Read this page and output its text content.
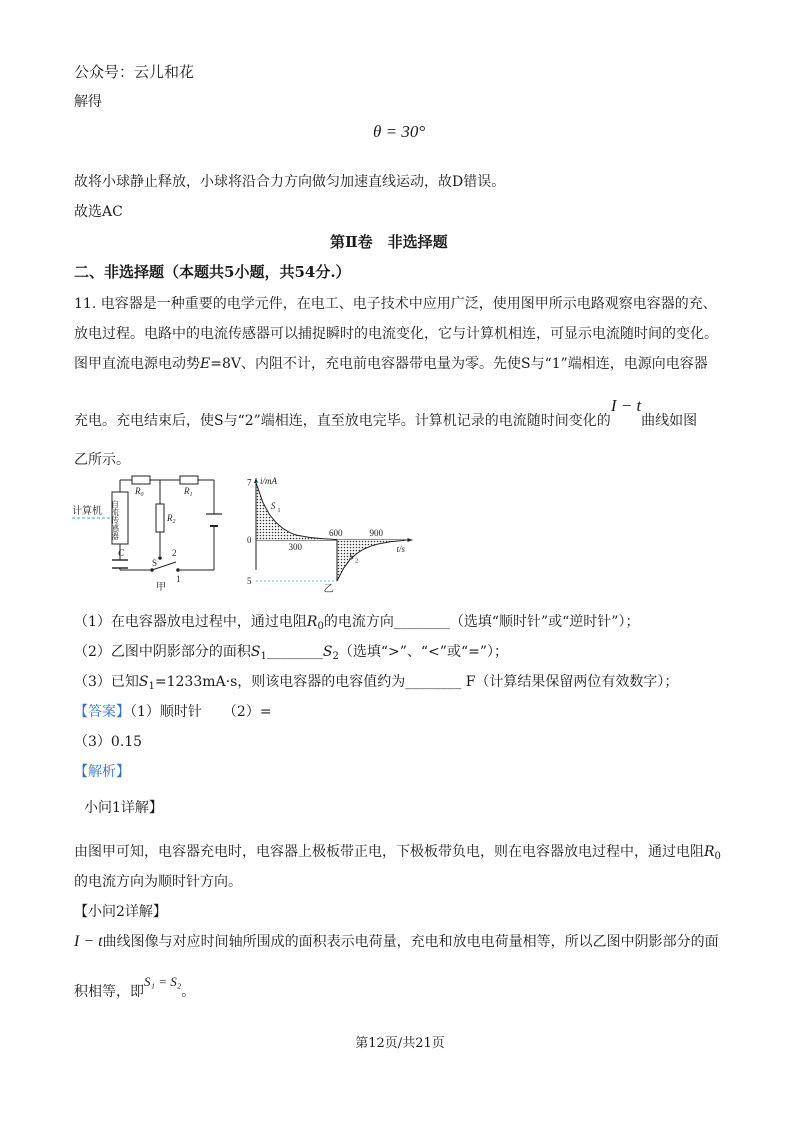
公众号：云儿和花
解得
θ = 30°
故将小球静止释放，小球将沿合力方向做匀加速直线运动，故D错误。
故选AC
第Ⅱ卷　非选择题
二、非选择题（本题共5小题，共54分.）
11. 电容器是一种重要的电学元件，在电工、电子技术中应用广泛，使用图甲所示电路观察电容器的充、
放电过程。电路中的电流传感器可以捕捉瞬时的电流变化，它与计算机相连，可显示电流随时间的变化。
图甲直流电源电动势E=8V、内阻不计，充电前电容器带电量为零。先使S与“1”端相连，电源向电容器
充电。充电结束后，使S与“2”端相连，直至放电完毕。计算机记录的电流随时间变化的I − t曲线如图
乙所示。
计算机 自流传感器
$R_0$	$R_1$
$R_2$
C
S
2
1
甲
i/mA
t/s
7
5
0
300
600	900
S
1
S 2
乙
（1）在电容器放电过程中，通过电阻$R_0$的电流方向________（选填“顺时针”或“逆时针”）；
（2）乙图中阴影部分的面积$S_1\_\_\_\_\_\_\_\_S_2$（选填“>”、“<”或“=”）；
（3）已知$S_1=1233mA\cdot s$，则该电容器的电容值约为________ F（计算结果保留两位有效数字）；
【答案】（1）顺时针　　（2）=
（3）0.15
【解析】
小问1详解】
由图甲可知，电容器充电时，电容器上极板带正电，下极板带负电，则在电容器放电过程中，通过电阻$R_0$
的电流方向为顺时针方向。
【小问2详解】
I − t曲线图像与对应时间轴所围成的面积表示电荷量，充电和放电电荷量相等，所以乙图中阴影部分的面
积相等，即S₁ = S₂。
第12页/共21页
